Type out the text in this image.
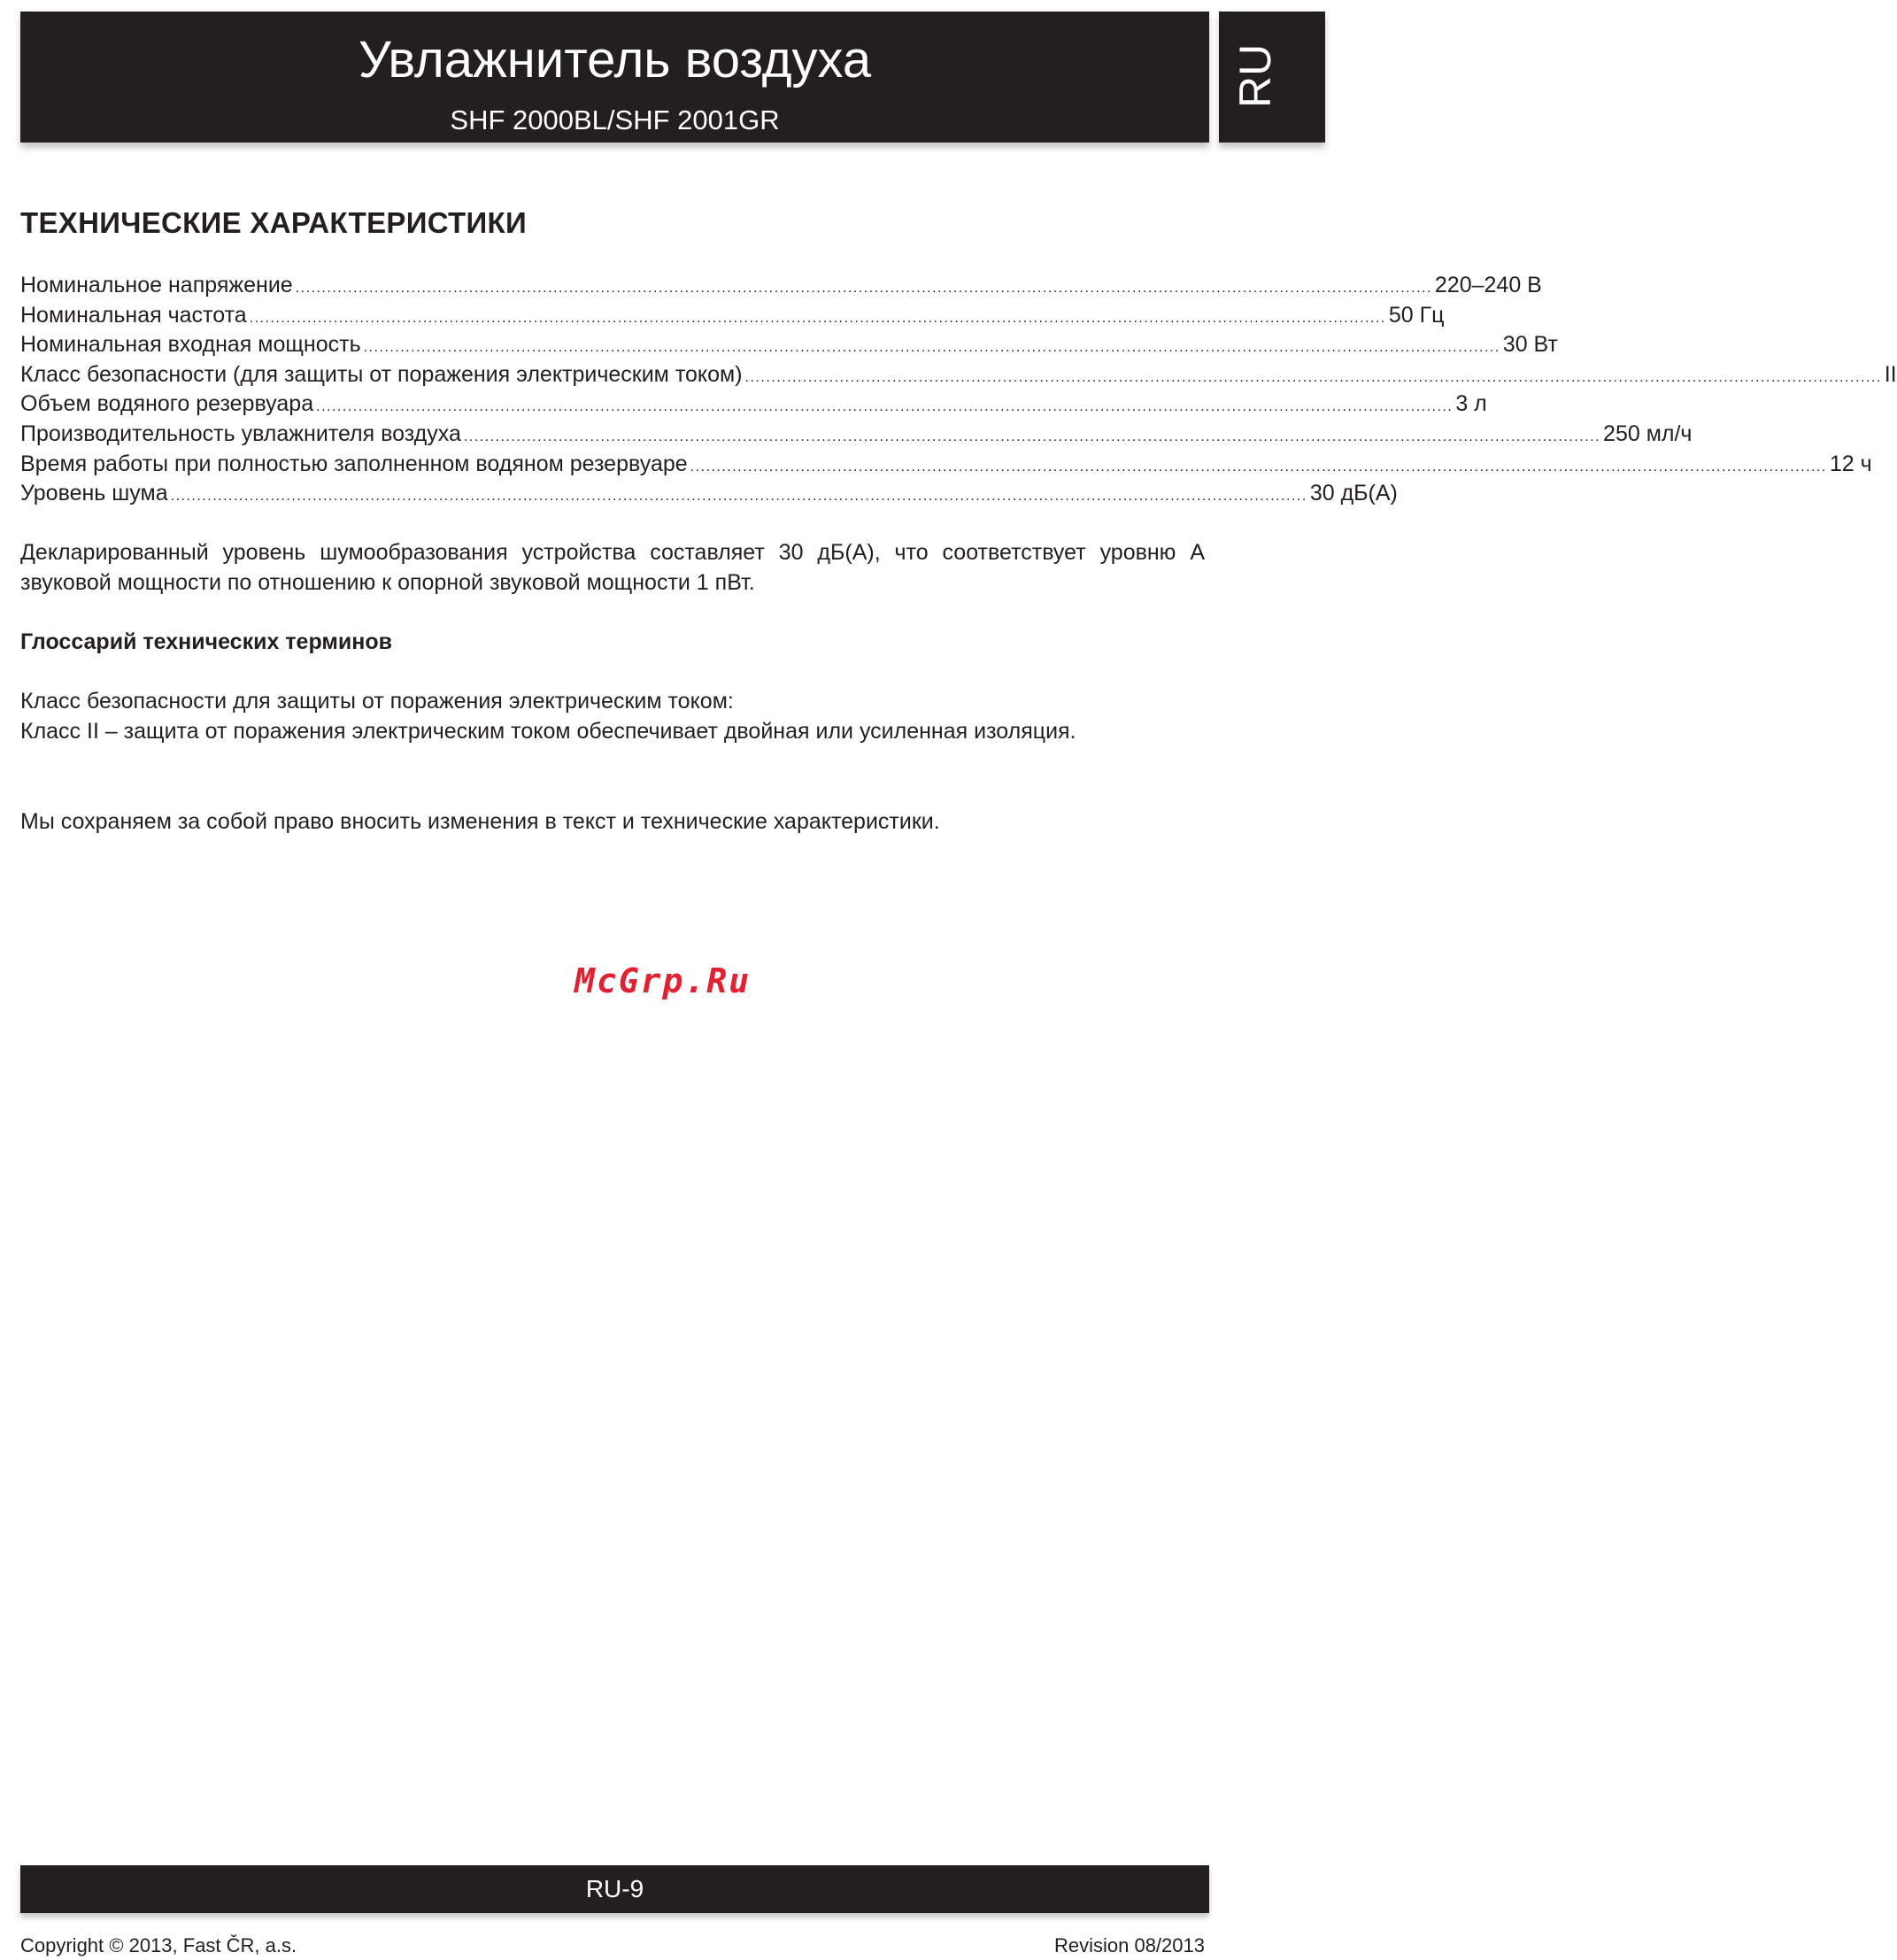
Увлажнитель воздуха
SHF 2000BL/SHF 2001GR
RU
ТЕХНИЧЕСКИЕ ХАРАКТЕРИСТИКИ
Номинальное напряжение ........................................................................................................................................................................................................................ 220–240 В
Номинальная частота ........................................................................................................................................................................................................................ 50 Гц
Номинальная входная мощность ........................................................................................................................................................................................................................ 30 Вт
Класс безопасности (для защиты от поражения электрическим током) ........................................................................................................................................................................................................................ II
Объем водяного резервуара ........................................................................................................................................................................................................................ 3 л
Производительность увлажнителя воздуха ........................................................................................................................................................................................................................ 250 мл/ч
Время работы при полностью заполненном водяном резервуаре ........................................................................................................................................................................................................................ 12 ч
Уровень шума ........................................................................................................................................................................................................................ 30 дБ(A)

Декларированный уровень шумообразования устройства составляет 30 дБ(A), что соответствует уровню A звуковой мощности по отношению к опорной звуковой мощности 1 пВт.

Глоссарий технических терминов

Класс безопасности для защиты от поражения электрическим током:

Класс II – защита от поражения электрическим током обеспечивает двойная или усиленная изоляция.

Мы сохраняем за собой право вносить изменения в текст и технические характеристики.

McGrp.Ru
RU-9
Copyright © 2013, Fast ČR, a.s.	Revision 08/2013
